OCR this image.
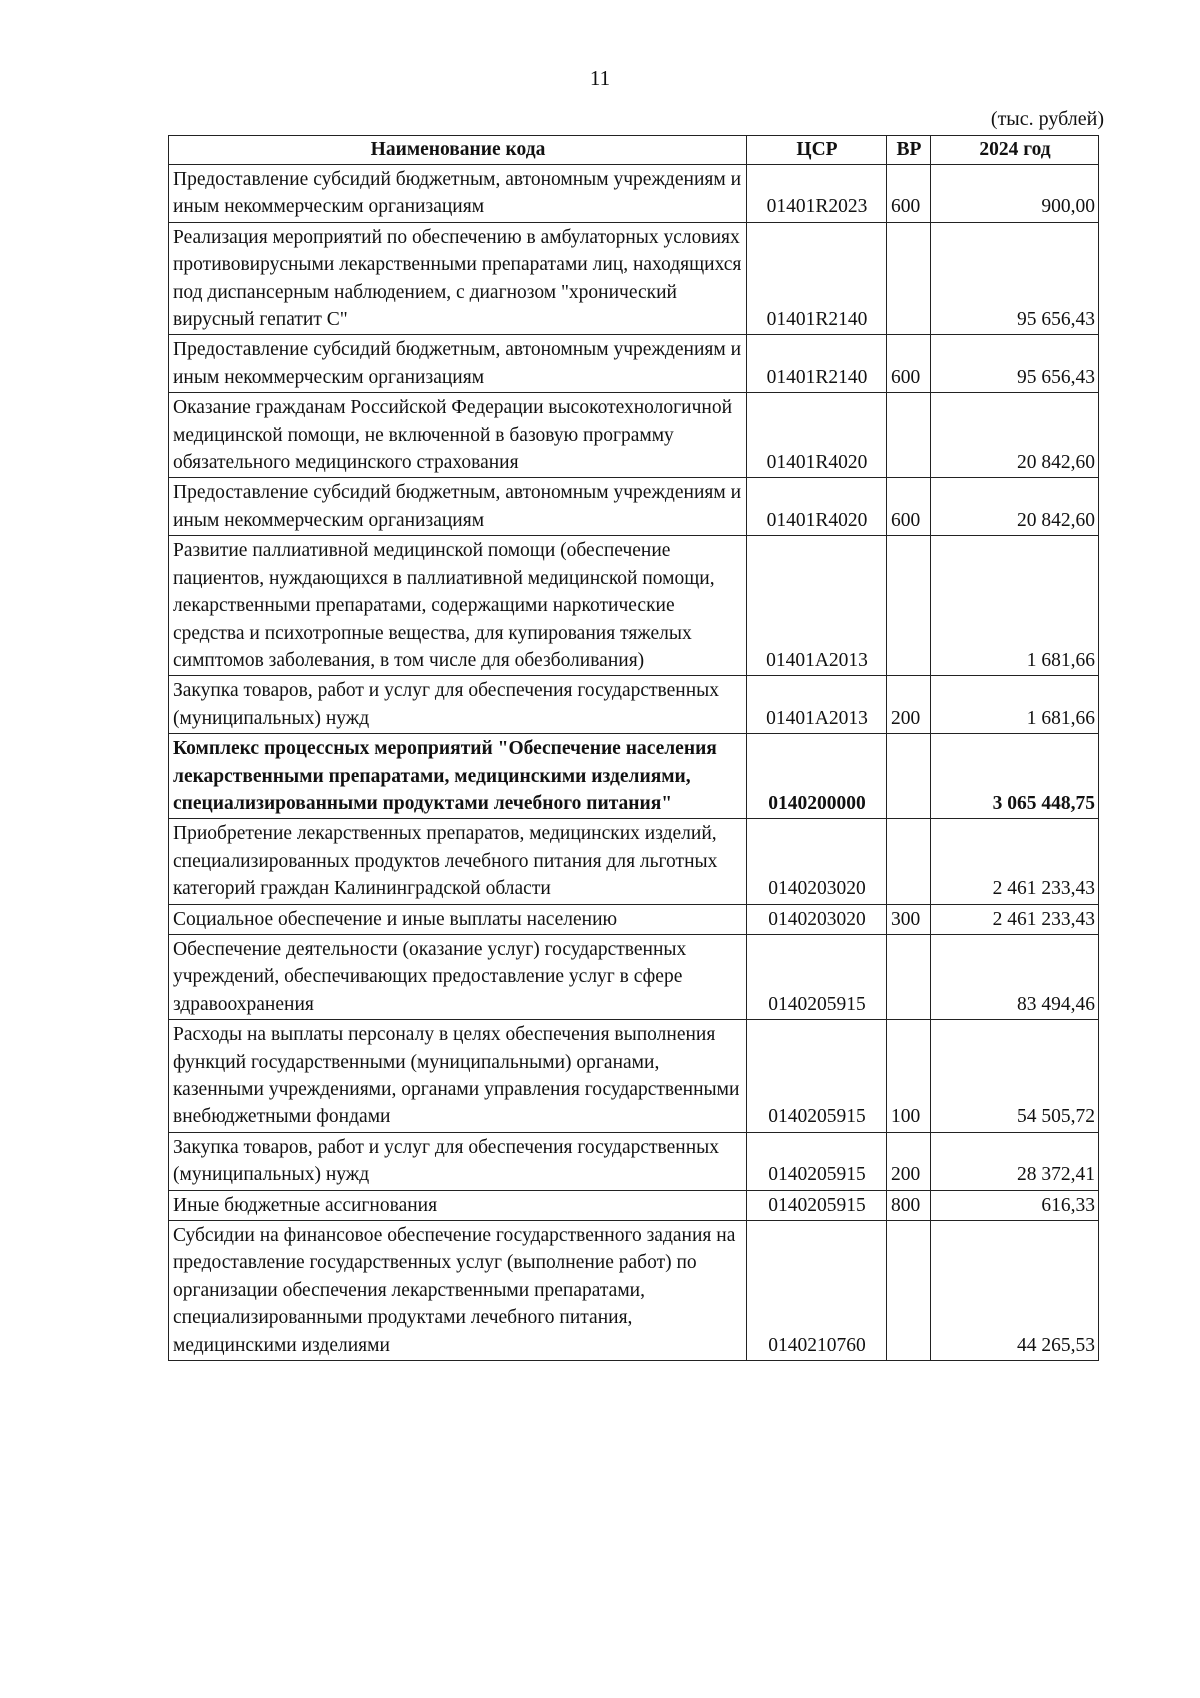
11
(тыс. рублей)
Наименование кода	ЦСР	ВР	2024 год
Предоставление субсидий бюджетным, автономным учреждениям и иным некоммерческим организациям	01401R2023	600	900,00
Реализация мероприятий по обеспечению в амбулаторных условиях противовирусными лекарственными препаратами лиц, находящихся под диспансерным наблюдением, с диагнозом "хронический вирусный гепатит С"	01401R2140		95 656,43
Предоставление субсидий бюджетным, автономным учреждениям и иным некоммерческим организациям	01401R2140	600	95 656,43
Оказание гражданам Российской Федерации высокотехнологичной медицинской помощи, не включенной в базовую программу обязательного медицинского страхования	01401R4020		20 842,60
Предоставление субсидий бюджетным, автономным учреждениям и иным некоммерческим организациям	01401R4020	600	20 842,60
Развитие паллиативной медицинской помощи (обеспечение пациентов, нуждающихся в паллиативной медицинской помощи, лекарственными препаратами, содержащими наркотические средства и психотропные вещества, для купирования тяжелых симптомов заболевания, в том числе для обезболивания)	01401А2013		1 681,66
Закупка товаров, работ и услуг для обеспечения государственных (муниципальных) нужд	01401А2013	200	1 681,66
Комплекс процессных мероприятий "Обеспечение населения лекарственными препаратами, медицинскими изделиями, специализированными продуктами лечебного питания"	0140200000		3 065 448,75
Приобретение лекарственных препаратов, медицинских изделий, специализированных продуктов лечебного питания для льготных категорий граждан Калининградской области	0140203020		2 461 233,43
Социальное обеспечение и иные выплаты населению	0140203020	300	2 461 233,43
Обеспечение деятельности (оказание услуг) государственных учреждений, обеспечивающих предоставление услуг в сфере здравоохранения	0140205915		83 494,46
Расходы на выплаты персоналу в целях обеспечения выполнения функций государственными (муниципальными) органами, казенными учреждениями, органами управления государственными внебюджетными фондами	0140205915	100	54 505,72
Закупка товаров, работ и услуг для обеспечения государственных (муниципальных) нужд	0140205915	200	28 372,41
Иные бюджетные ассигнования	0140205915	800	616,33
Субсидии на финансовое обеспечение государственного задания на предоставление государственных услуг (выполнение работ) по организации обеспечения лекарственными препаратами, специализированными продуктами лечебного питания, медицинскими изделиями	0140210760		44 265,53
